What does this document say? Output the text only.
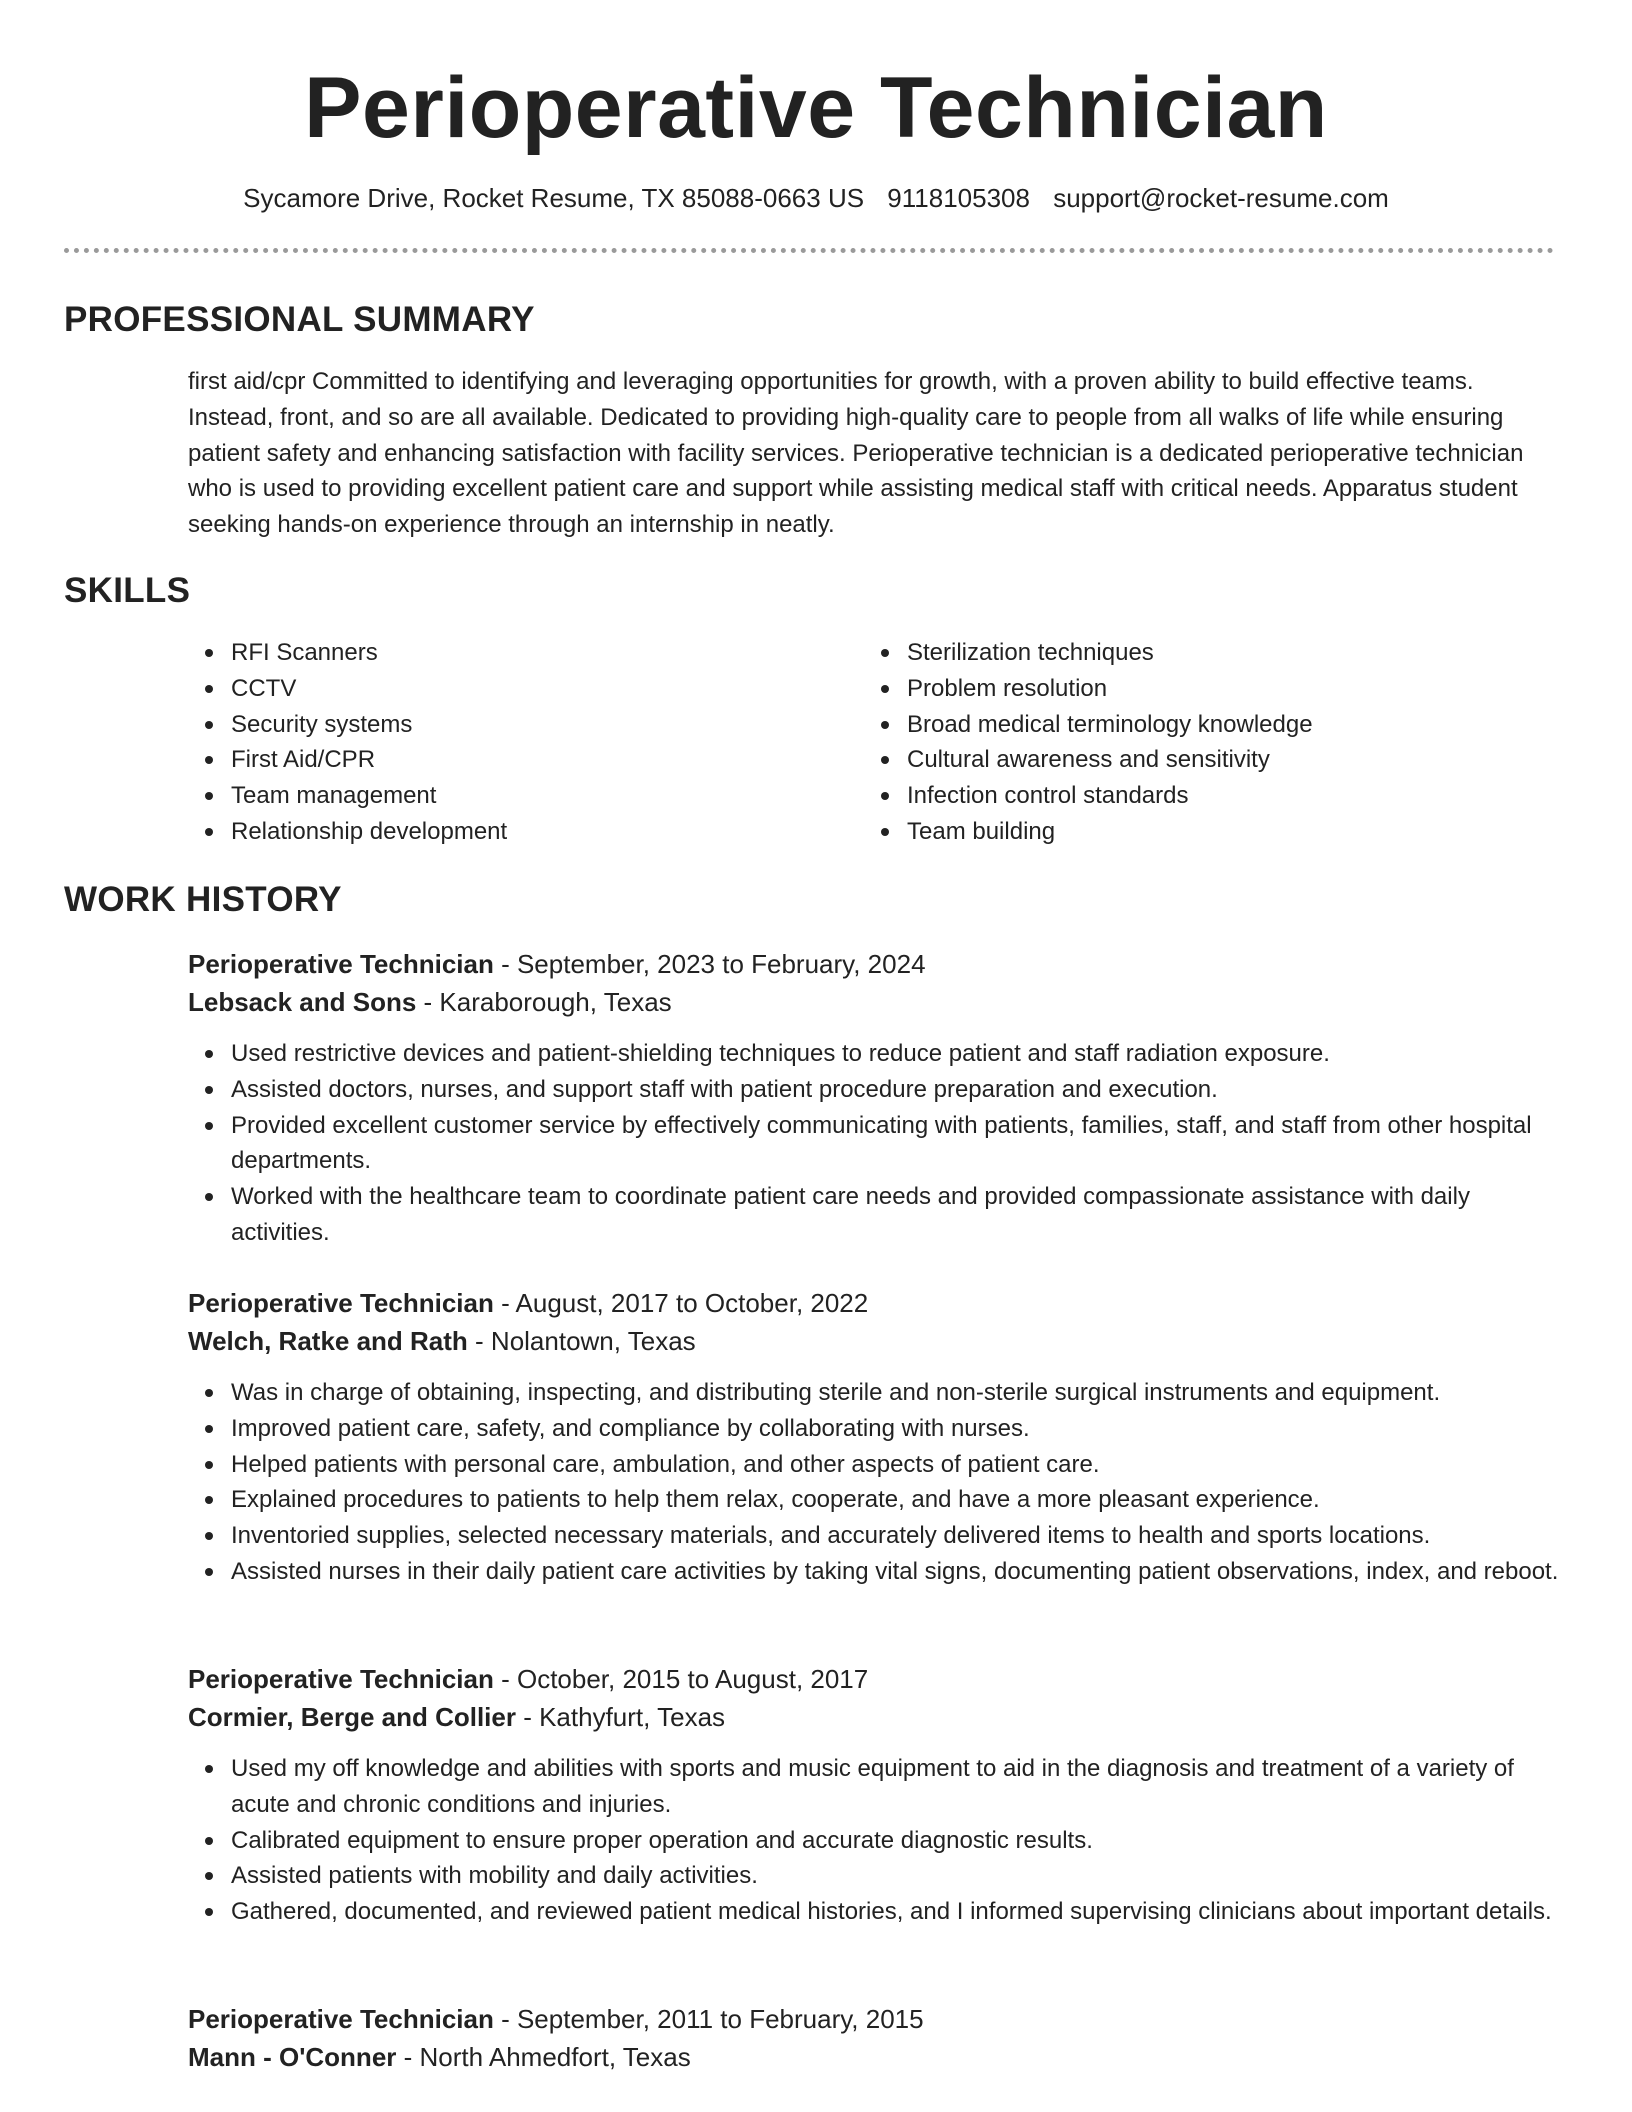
Perioperative Technician
Sycamore Drive, Rocket Resume, TX 85088-0663 US 9118105308 support@rocket-resume.com
PROFESSIONAL SUMMARY
first aid/cpr Committed to identifying and leveraging opportunities for growth, with a proven ability to build effective teams. Instead, front, and so are all available. Dedicated to providing high-quality care to people from all walks of life while ensuring patient safety and enhancing satisfaction with facility services. Perioperative technician is a dedicated perioperative technician who is used to providing excellent patient care and support while assisting medical staff with critical needs. Apparatus student seeking hands-on experience through an internship in neatly.
SKILLS
RFI Scanners
CCTV
Security systems
First Aid/CPR
Team management
Relationship development
Sterilization techniques
Problem resolution
Broad medical terminology knowledge
Cultural awareness and sensitivity
Infection control standards
Team building
WORK HISTORY
Perioperative Technician - September, 2023 to February, 2024
Lebsack and Sons - Karaborough, Texas
Used restrictive devices and patient-shielding techniques to reduce patient and staff radiation exposure.
Assisted doctors, nurses, and support staff with patient procedure preparation and execution.
Provided excellent customer service by effectively communicating with patients, families, staff, and staff from other hospital departments.
Worked with the healthcare team to coordinate patient care needs and provided compassionate assistance with daily activities.
Perioperative Technician - August, 2017 to October, 2022
Welch, Ratke and Rath - Nolantown, Texas
Was in charge of obtaining, inspecting, and distributing sterile and non-sterile surgical instruments and equipment.
Improved patient care, safety, and compliance by collaborating with nurses.
Helped patients with personal care, ambulation, and other aspects of patient care.
Explained procedures to patients to help them relax, cooperate, and have a more pleasant experience.
Inventoried supplies, selected necessary materials, and accurately delivered items to health and sports locations.
Assisted nurses in their daily patient care activities by taking vital signs, documenting patient observations, index, and reboot.
Perioperative Technician - October, 2015 to August, 2017
Cormier, Berge and Collier - Kathyfurt, Texas
Used my off knowledge and abilities with sports and music equipment to aid in the diagnosis and treatment of a variety of acute and chronic conditions and injuries.
Calibrated equipment to ensure proper operation and accurate diagnostic results.
Assisted patients with mobility and daily activities.
Gathered, documented, and reviewed patient medical histories, and I informed supervising clinicians about important details.
Perioperative Technician - September, 2011 to February, 2015
Mann - O'Conner - North Ahmedfort, Texas
